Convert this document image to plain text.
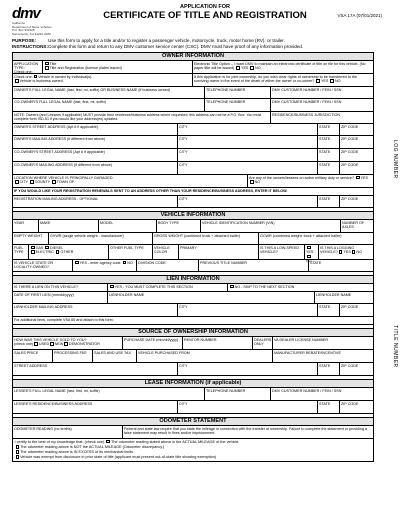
dmv
California
Department of Motor Vehicles
P.O. Box 932328
Sacramento, CA 94232-3280
APPLICATION FOR
CERTIFICATE OF TITLE AND REGISTRATION	VSA 17A (07/01/2021)
PURPOSE:	Use this form to apply for a title and/or to register a passenger vehicle, motorcycle, truck, motor home (RV), or trailer.
INSTRUCTIONS:Complete this form and return to any DMV customer service center (CSC). DMV must have proof of any information provided.
LOG NUMBER
TITLE NUMBER
OWNER INFORMATION
APPLICATION TYPE:
Check one:
Title
Title and Registration (license plates issued)
Electronic Title Option -- I want DMV to maintain an electronic certificate of title on file for this vehicle. (No paper title will be issued) YES NO
Check one: Vehicle is owned by individual(s).
Vehicle is business owned.
If this application is for joint ownership, do you wish clear rights of ownership to be transferred to the surviving owner in the event of the death of either the owner or co-owner? YES NO
OWNER'S FULL LEGAL NAME (last, first, mi, suffix) OR BUSINESS NAME (if business owned)	TELEPHONE NUMBER	DMV CUSTOMER NUMBER / FEIN / SSN
CO-OWNER'S FULL LEGAL NAME (last, first, mi, suffix)	TELEPHONE NUMBER	DMV CUSTOMER NUMBER / FEIN / SSN
NOTE: Owners (and Lessees if applicable) MUST provide their residence/business address where requested; this address can not be a P.O. Box. You must complete form ISD-51 if you would like your address(es) updated.
RESIDENCE/BUSINESS JURISDICTION
OWNER'S STREET ADDRESS (Apt # if applicable)	CITY	STATE	ZIP CODE
OWNER'S MAILING ADDRESS (if different from above)	CITY	STATE	ZIP CODE
CO-OWNER'S STREET ADDRESS (Apt # if applicable)	CITY	STATE	ZIP CODE
CO-OWNER'S MAILING ADDRESS (if different from above)	CITY	STATE	ZIP CODE
LOCATION WHERE VEHICLE IS PRINCIPALLY GARAGED
CITY COUNTY TOWN OF
Are any of the owners/lessees on active military duty or service? YES NO
IF YOU WOULD LIKE YOUR REGISTRATION RENEWALS SENT TO AN ADDRESS OTHER THAN YOUR RESIDENCE/BUSINESS ADDRESS, ENTER IT BELOW.
REGISTRATION MAILING ADDRESS - OPTIONAL	CITY	STATE	ZIP CODE
VEHICLE INFORMATION
YEAR	MAKE	MODEL	BODY TYPE	VEHICLE IDENTIFICATION NUMBER (VIN)	NUMBER OF AXLES
EMPTY WEIGHT	GVWR (single vehicle weight - manufacturer)	GROSS WEIGHT (combined truck + attached trailer)	GCWR (combined weight: truck + attached trailer)
FUEL TYPE
GAS DIESEL
ELECTRIC OTHER
OTHER FUEL TYPE	VEHICLE COLOR
PRIMARY	IS THIS A LOW-SPEED VEHICLE?	YESNO
IS THIS A LOGGING VEHICLE? YES NO
IS VEHICLE STATE OR LOCALITY-OWNED?
YES - enter agency code NO	DIVISION CODE	PREVIOUS TITLE NUMBER	STATE
LIEN INFORMATION
IS THERE A LIEN ON THIS VEHICLE?	YES - YOU MUST COMPLETE THIS SECTION	NO - SKIP TO THE NEXT SECTION
DATE OF FIRST LIEN (mm/dd/yyyy)	LIENHOLDER NAME	LIENHOLDER NAME
LIENHOLDER MAILING ADDRESS	CITY	STATE	ZIP CODE
For additional liens, complete VSA 66 and attach to this form.
SOURCE OF OWNERSHIP INFORMATION
HOW WAS THIS VEHICLE SOLD TO YOU?
(check one) USED NEW DEMONSTRATOR
PURCHASE DATE (mm/dd/yyyy)	RENTOR NUMBER	DEALERS ONLY
VA DEALER LICENSE NUMBER
SALES PRICE	PROCESSING FEE	SALES AND USE TAX	VEHICLE PURCHASED FROM	MANUFACTURER REBATE/INCENTIVE
STREET ADDRESS	CITY	STATE	ZIP CODE
LEASE INFORMATION (if applicable)
LESSEE'S FULL LEGAL NAME (last, first, mi, suffix)	TELEPHONE NUMBER	DMV CUSTOMER NUMBER / FEIN / SSN
LESSEE'S RESIDENCE/BUSINESS ADDRESS	CITY	STATE	ZIP CODE
ODOMETER STATEMENT
ODOMETER READING (no tenths)	Federal and state law require that you state the mileage in connection with the transfer of ownership. Failure to complete the statement or providing a false statement may result in fines and/or imprisonment.
I certify to the best of my knowledge that: (check one) The odometer reading stated above is the ACTUAL MILEAGE of the vehicle.
The odometer reading above is NOT the ACTUAL MILEAGE (Odometer discrepancy.)
The odometer reading above is IN EXCESS of its mechanical limits.
Vehicle was exempt from disclosure in prior state of title (applicant must present out-of-state title showing exemption)
